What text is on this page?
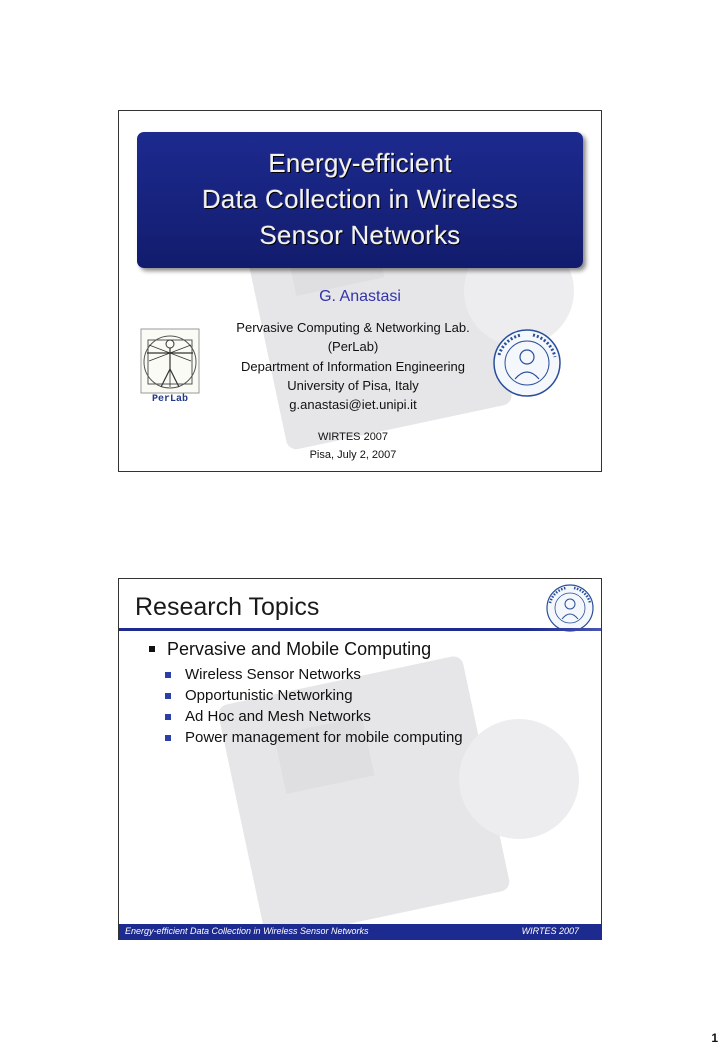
Energy-efficient
Data Collection in Wireless
Sensor Networks
G. Anastasi
Pervasive Computing & Networking Lab.
(PerLab)
Department of Information Engineering
University of Pisa, Italy
g.anastasi@iet.unipi.it
PerLab
WIRTES 2007
Pisa, July 2, 2007
Research Topics
Pervasive and Mobile Computing
Wireless Sensor Networks
Opportunistic Networking
Ad Hoc and Mesh Networks
Power management for mobile computing
Energy-efficient Data Collection in Wireless Sensor Networks	WIRTES 2007
1
